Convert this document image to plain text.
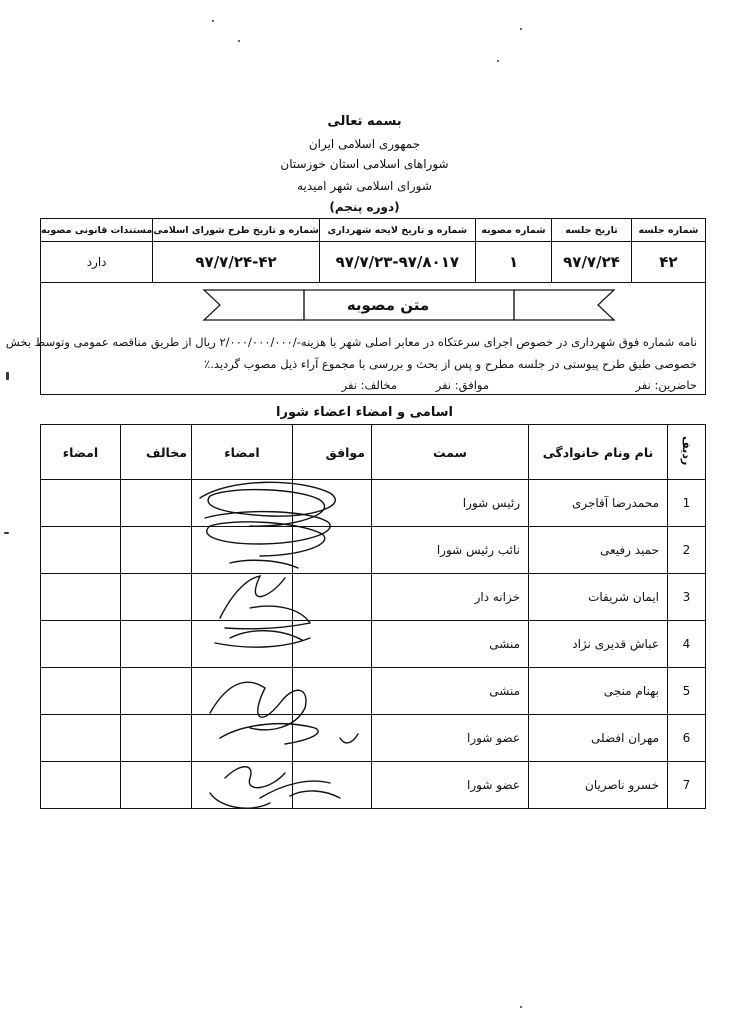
بسمه تعالی
جمهوری اسلامی ایران
شوراهای اسلامی استان خوزستان
شورای اسلامی شهر امیدیه
(دوره پنجم)
شماره جلسه	تاریخ جلسه	شماره مصوبه	شماره و تاریخ لایحه شهرداری	شماره و تاریخ طرح شورای اسلامی	مستندات قانونی مصوبه
۴۲	۹۷/۷/۲۴	۱	۹۷/۷/۲۳-۹۷/۸۰۱۷	۹۷/۷/۲۴-۴۲	دارد
متن مصوبه
نامه شماره فوق شهرداری در خصوص اجرای سرعتکاه در معابر اصلی شهر با هزینه-/۲/۰۰۰/۰۰۰/۰۰۰ ریال از طریق مناقصه عمومی وتوسط بخش
خصوصی طبق طرح پیوستی در جلسه مطرح و پس از بحث و بررسی با مجموع آراء ذیل مصوب گردید.٪
حاضرین: نفر
موافق: نفر
مخالف: نفر
اسامی و امضاء اعضاء شورا
ردیف	نام ونام خانوادگی	سمت	موافق	امضاء	مخالف	امضاء
1	محمدرضا آقاجری	رئیس شورا				
2	حمید رفیعی	نائب رئیس شورا				
3	ایمان شریفات	خزانه دار				
4	عباش قدیری نژاد	منشی				
5	بهنام منجی	منشی				
6	مهران افضلی	عضو شورا				
7	خسرو ناصریان	عضو شورا				
